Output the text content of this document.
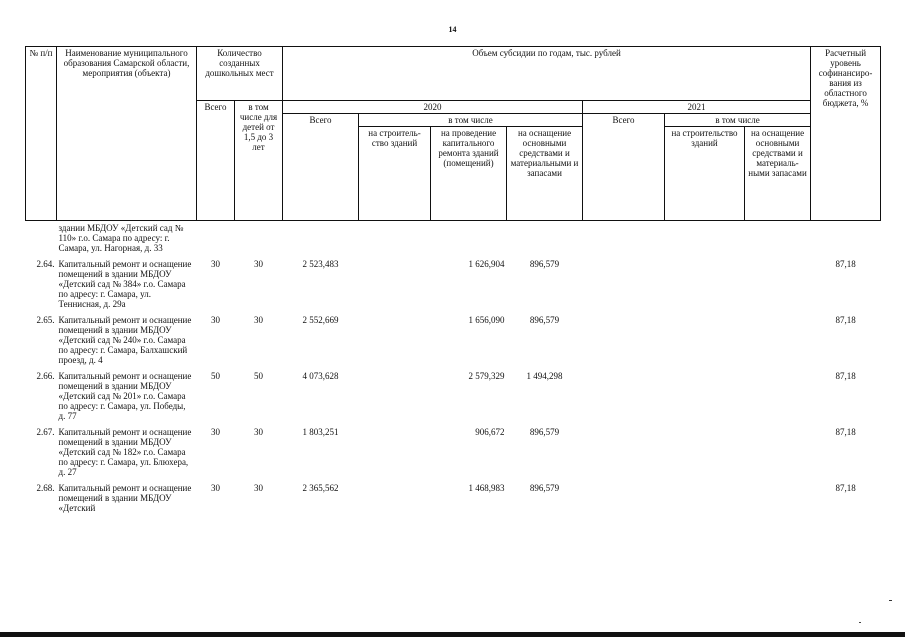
14
№ п/п	Наименование муниципального образования Самарской области, мероприятия (объекта)	Количество созданных дошкольных мест		Объем субсидии по годам, тыс. рублей							Расчетный уровень софинансиро-вания из областного бюджета, %
		Всего	в том числе для детей от 1,5 до 3 лет	2020				2021			
				Всего	в том числе			Всего	в том числе		
					на строитель-ство зданий	на проведение капитального ремонта зданий (помещений)	на оснащение основными средствами и материальными и запасами		на строительство зданий	на оснащение основными средствами и материаль-ными запасами	
	здании МБДОУ «Детский сад № 110» г.о. Самара по адресу: г. Самара, ул. Нагорная, д. 33										
2.64.	Капитальный ремонт и оснащение помещений в здании МБДОУ «Детский сад № 384» г.о. Самара по адресу: г. Самара, ул. Теннисная, д. 29а	30	30	2 523,483		1 626,904	896,579				87,18
2.65.	Капитальный ремонт и оснащение помещений в здании МБДОУ «Детский сад № 240» г.о. Самара по адресу: г. Самара, Балхашский проезд, д. 4	30	30	2 552,669		1 656,090	896,579				87,18
2.66.	Капитальный ремонт и оснащение помещений в здании МБДОУ «Детский сад № 201» г.о. Самара по адресу: г. Самара, ул. Победы, д. 77	50	50	4 073,628		2 579,329	1 494,298				87,18
2.67.	Капитальный ремонт и оснащение помещений в здании МБДОУ «Детский сад № 182» г.о. Самара по адресу: г. Самара, ул. Блюхера, д. 27	30	30	1 803,251		906,672	896,579				87,18
2.68.	Капитальный ремонт и оснащение помещений в здании МБДОУ «Детский	30	30	2 365,562		1 468,983	896,579				87,18
